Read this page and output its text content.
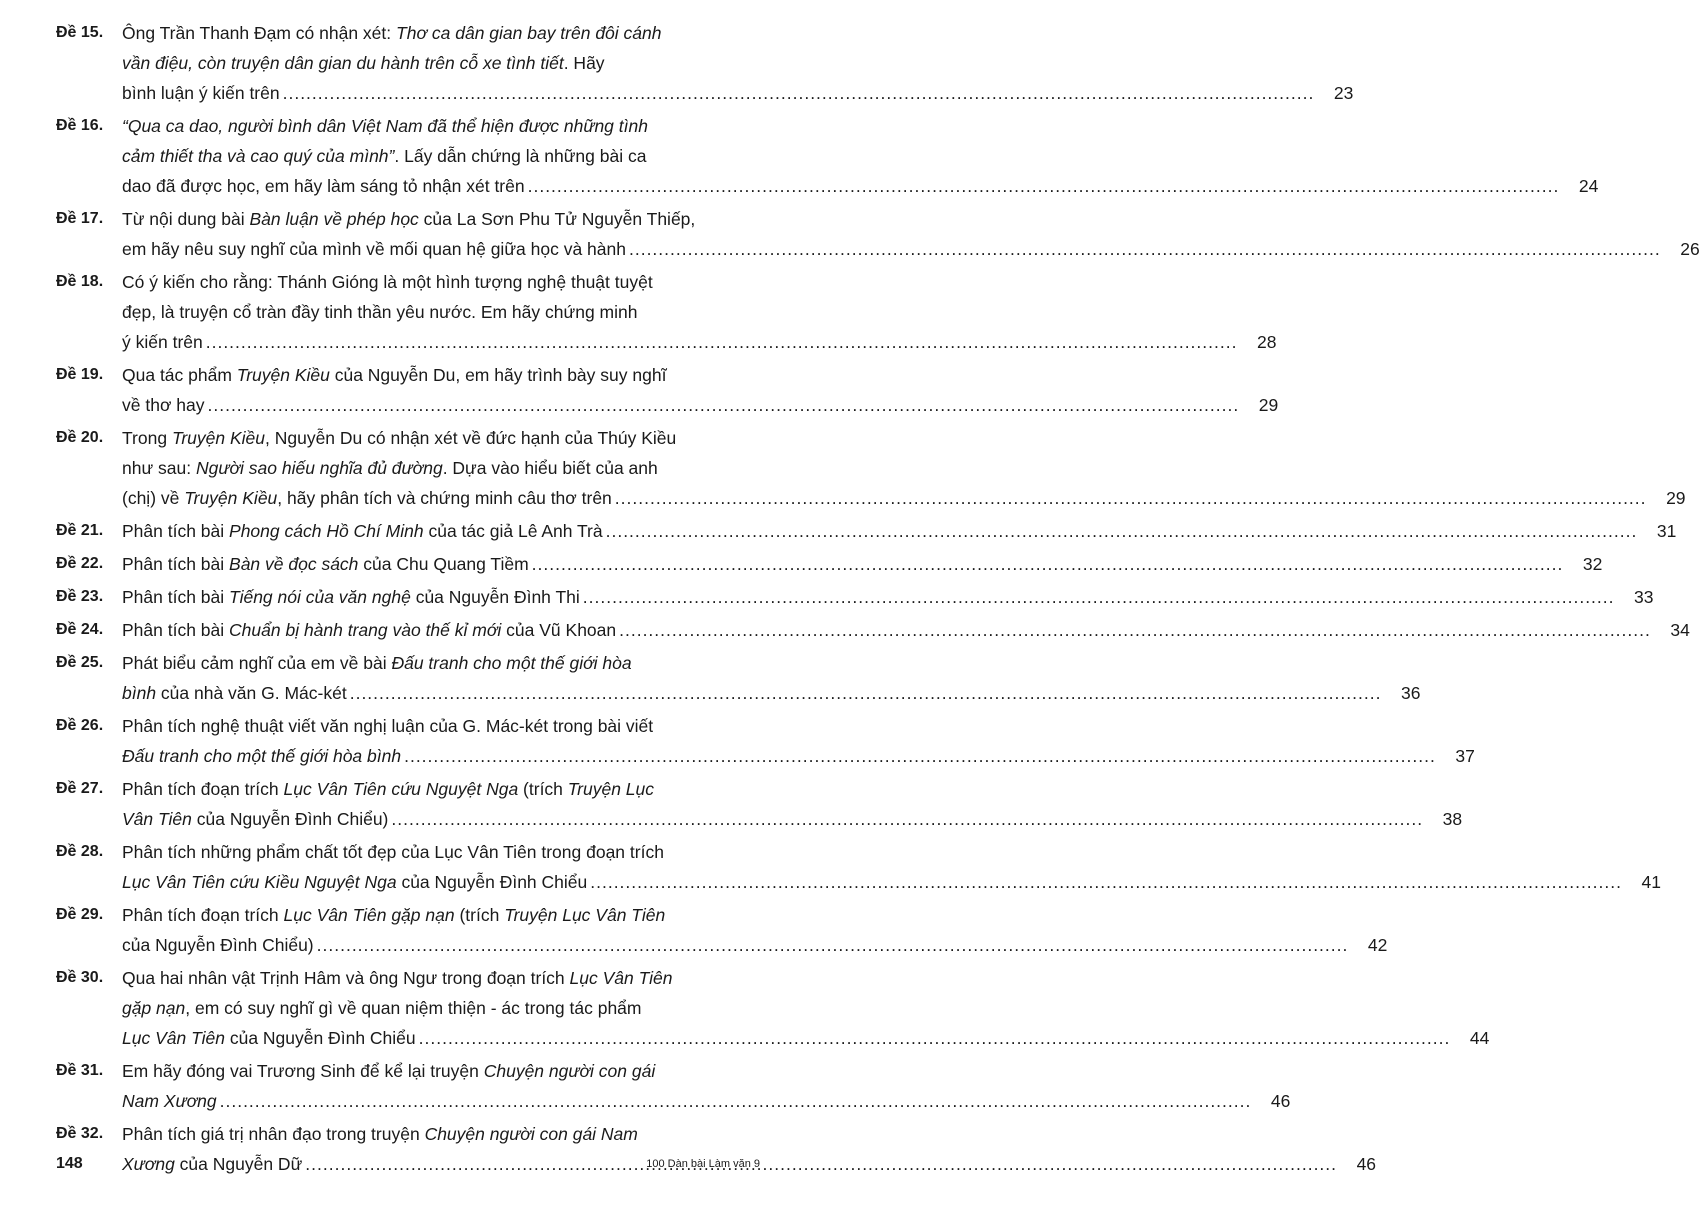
Đề 15.	Ông Trần Thanh Đạm có nhận xét: Thơ ca dân gian bay trên đôi cánh
vần điệu, còn truyện dân gian du hành trên cỗ xe tình tiết. Hãy
bình luận ý kiến trên .....	23
Đề 16.	“Qua ca dao, người bình dân Việt Nam đã thể hiện được những tình
cảm thiết tha và cao quý của mình”. Lấy dẫn chứng là những bài ca
dao đã được học, em hãy làm sáng tỏ nhận xét trên .....	24
Đề 17.	Từ nội dung bài Bàn luận về phép học của La Sơn Phu Tử Nguyễn Thiếp,
em hãy nêu suy nghĩ của mình về mối quan hệ giữa học và hành .....	26
Đề 18.	Có ý kiến cho rằng: Thánh Gióng là một hình tượng nghệ thuật tuyệt
đẹp, là truyện cổ tràn đầy tinh thần yêu nước. Em hãy chứng minh
ý kiến trên .....	28
Đề 19.	Qua tác phẩm Truyện Kiều của Nguyễn Du, em hãy trình bày suy nghĩ
về thơ hay .....	29
Đề 20.	Trong Truyện Kiều, Nguyễn Du có nhận xét về đức hạnh của Thúy Kiều
như sau: Người sao hiếu nghĩa đủ đường. Dựa vào hiểu biết của anh
(chị) về Truyện Kiều, hãy phân tích và chứng minh câu thơ trên .....	29
Đề 21.	Phân tích bài Phong cách Hồ Chí Minh của tác giả Lê Anh Trà .....	31
Đề 22.	Phân tích bài Bàn về đọc sách của Chu Quang Tiềm .....	32
Đề 23.	Phân tích bài Tiếng nói của văn nghệ của Nguyễn Đình Thi .....	33
Đề 24.	Phân tích bài Chuẩn bị hành trang vào thế kỉ mới của Vũ Khoan .....	34
Đề 25.	Phát biểu cảm nghĩ của em về bài Đấu tranh cho một thế giới hòa
bình của nhà văn G. Mác-két .....	36
Đề 26.	Phân tích nghệ thuật viết văn nghị luận của G. Mác-két trong bài viết
Đấu tranh cho một thế giới hòa bình .....	37
Đề 27.	Phân tích đoạn trích Lục Vân Tiên cứu Nguyệt Nga (trích Truyện Lục
Vân Tiên của Nguyễn Đình Chiểu) .....	38
Đề 28.	Phân tích những phẩm chất tốt đẹp của Lục Vân Tiên trong đoạn trích
Lục Vân Tiên cứu Kiều Nguyệt Nga của Nguyễn Đình Chiểu .....	41
Đề 29.	Phân tích đoạn trích Lục Vân Tiên gặp nạn (trích Truyện Lục Vân Tiên
của Nguyễn Đình Chiểu) .....	42
Đề 30.	Qua hai nhân vật Trịnh Hâm và ông Ngư trong đoạn trích Lục Vân Tiên
gặp nạn, em có suy nghĩ gì về quan niệm thiện - ác trong tác phẩm
Lục Vân Tiên của Nguyễn Đình Chiểu .....	44
Đề 31.	Em hãy đóng vai Trương Sinh để kể lại truyện Chuyện người con gái
Nam Xương .....	46
Đề 32.	Phân tích giá trị nhân đạo trong truyện Chuyện người con gái Nam
Xương của Nguyễn Dữ .....	46
148	100 Dàn bài Làm văn 9
